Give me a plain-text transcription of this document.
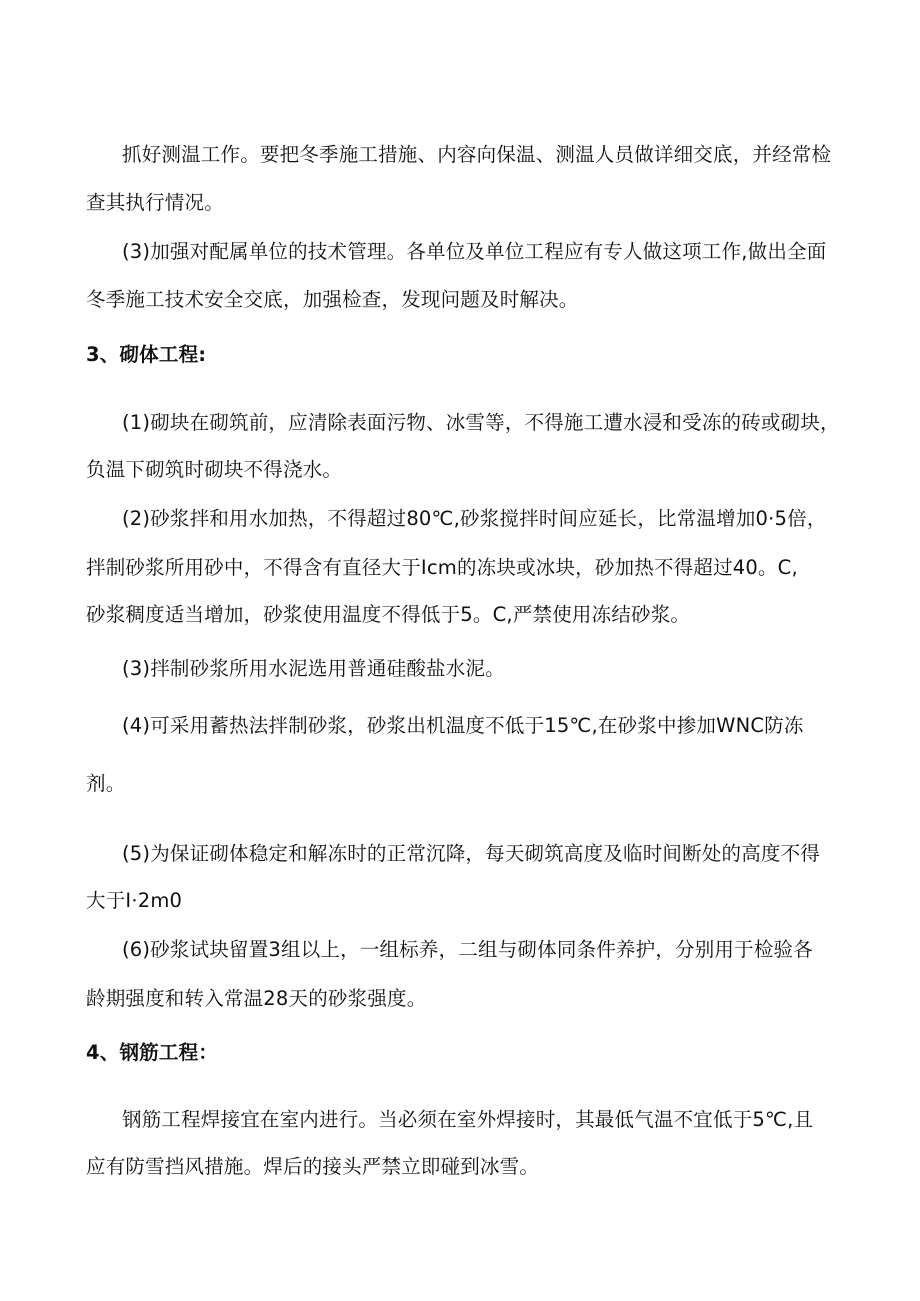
抓好测温工作。要把冬季施工措施、内容向保温、测温人员做详细交底，并经常检
查其执行情况。
(3)加强对配属单位的技术管理。各单位及单位工程应有专人做这项工作,做出全面
冬季施工技术安全交底，加强检查，发现问题及时解决。
3、砌体工程:
(1)砌块在砌筑前，应清除表面污物、冰雪等，不得施工遭水浸和受冻的砖或砌块，
负温下砌筑时砌块不得浇水。
(2)砂浆拌和用水加热，不得超过80℃,砂浆搅拌时间应延长，比常温增加0·5倍，
拌制砂浆所用砂中，不得含有直径大于Icm的冻块或冰块，砂加热不得超过40。C,
砂浆稠度适当增加，砂浆使用温度不得低于5。C,严禁使用冻结砂浆。
(3)拌制砂浆所用水泥选用普通硅酸盐水泥。
(4)可采用蓄热法拌制砂浆，砂浆出机温度不低于15℃,在砂浆中掺加WNC防冻
剂。
(5)为保证砌体稳定和解冻时的正常沉降，每天砌筑高度及临时间断处的高度不得
大于I·2m0
(6)砂浆试块留置3组以上，一组标养，二组与砌体同条件养护，分别用于检验各
龄期强度和转入常温28天的砂浆强度。
4、钢筋工程：
钢筋工程焊接宜在室内进行。当必须在室外焊接时，其最低气温不宜低于5℃,且
应有防雪挡风措施。焊后的接头严禁立即碰到冰雪。
